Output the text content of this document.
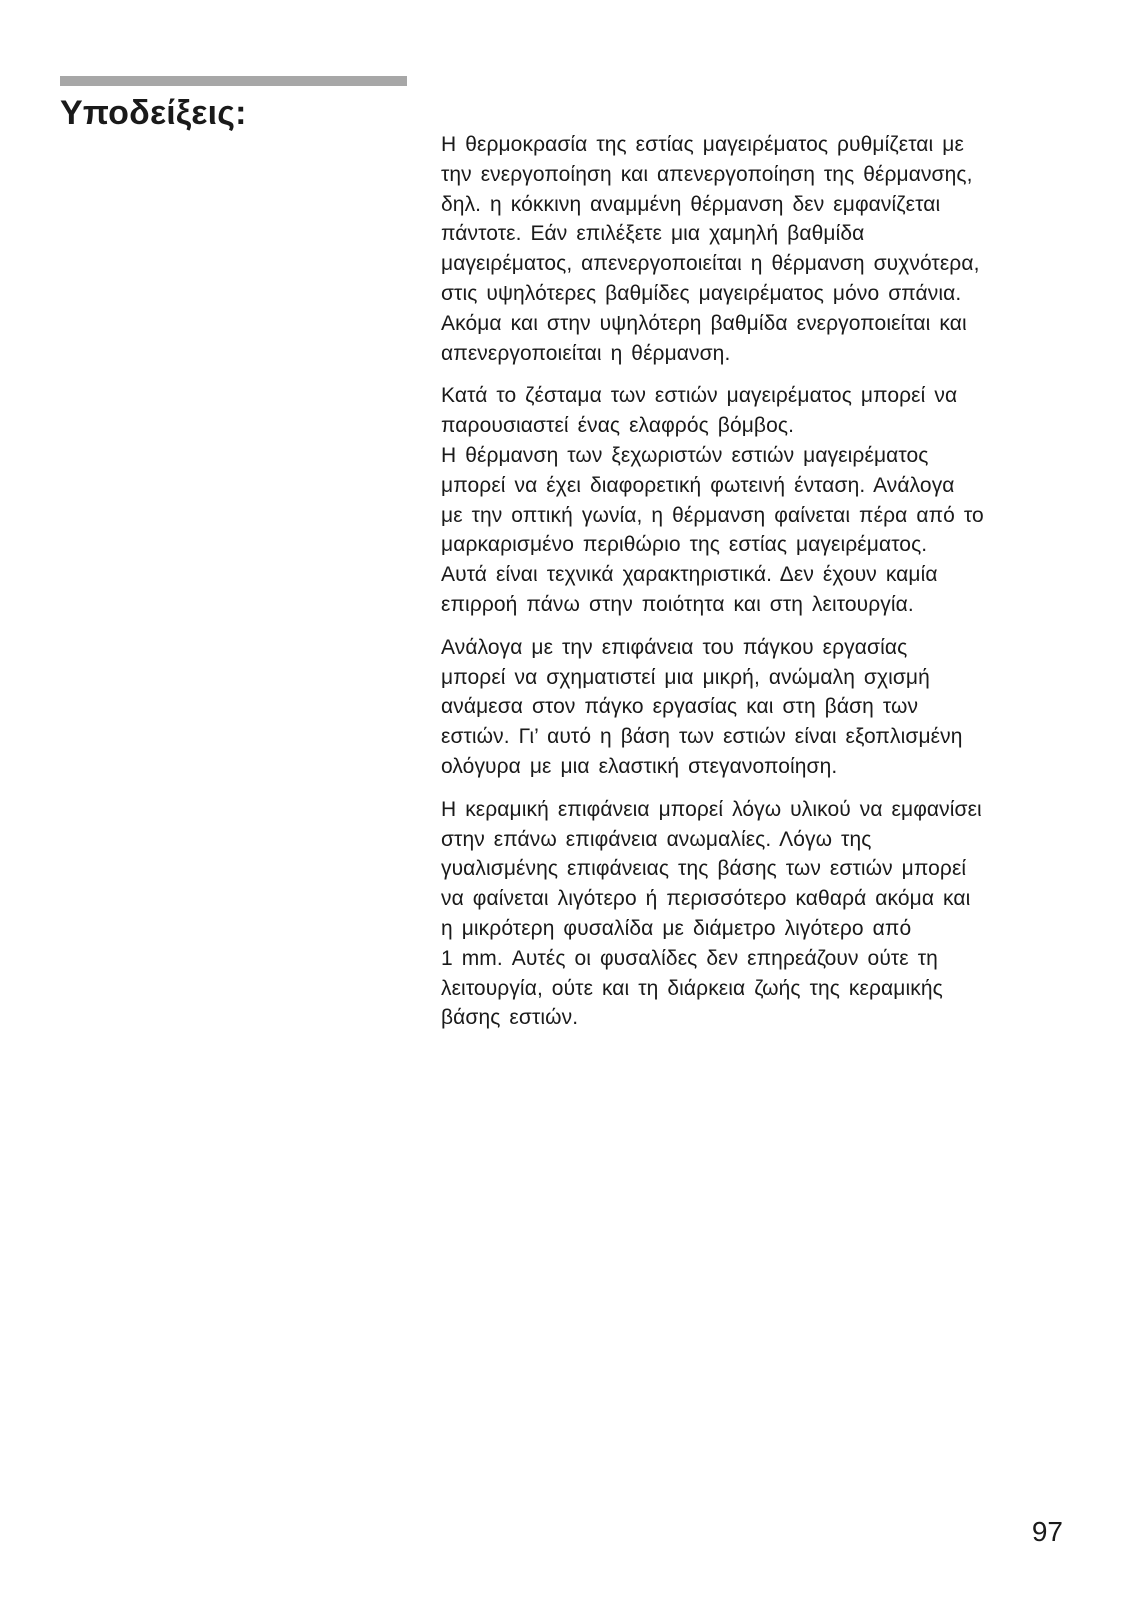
Υποδείξεις:

Η θερμοκρασία της εστίας μαγειρέματος ρυθμίζεται με
την ενεργοποίηση και απενεργοποίηση της θέρμανσης,
δηλ. η κόκκινη αναμμένη θέρμανση δεν εμφανίζεται
πάντοτε. Εάν επιλέξετε μια χαμηλή βαθμίδα
μαγειρέματος, απενεργοποιείται η θέρμανση συχνότερα,
στις υψηλότερες βαθμίδες μαγειρέματος μόνο σπάνια.
Ακόμα και στην υψηλότερη βαθμίδα ενεργοποιείται και
απενεργοποιείται η θέρμανση.

Κατά το ζέσταμα των εστιών μαγειρέματος μπορεί να
παρουσιαστεί ένας ελαφρός βόμβος.
Η θέρμανση των ξεχωριστών εστιών μαγειρέματος
μπορεί να έχει διαφορετική φωτεινή ένταση. Ανάλογα
με την οπτική γωνία, η θέρμανση φαίνεται πέρα από το
μαρκαρισμένο περιθώριο της εστίας μαγειρέματος.
Αυτά είναι τεχνικά χαρακτηριστικά. Δεν έχουν καμία
επιρροή πάνω στην ποιότητα και στη λειτουργία.

Ανάλογα με την επιφάνεια του πάγκου εργασίας
μπορεί να σχηματιστεί μια μικρή, ανώμαλη σχισμή
ανάμεσα στον πάγκο εργασίας και στη βάση των
εστιών. Γι’ αυτό η βάση των εστιών είναι εξοπλισμένη
ολόγυρα με μια ελαστική στεγανοποίηση.

Η κεραμική επιφάνεια μπορεί λόγω υλικού να εμφανίσει
στην επάνω επιφάνεια ανωμαλίες. Λόγω της
γυαλισμένης επιφάνειας της βάσης των εστιών μπορεί
να φαίνεται λιγότερο ή περισσότερο καθαρά ακόμα και
η μικρότερη φυσαλίδα με διάμετρο λιγότερο από
1 mm. Αυτές οι φυσαλίδες δεν επηρεάζουν ούτε τη
λειτουργία, ούτε και τη διάρκεια ζωής της κεραμικής
βάσης εστιών.

97
